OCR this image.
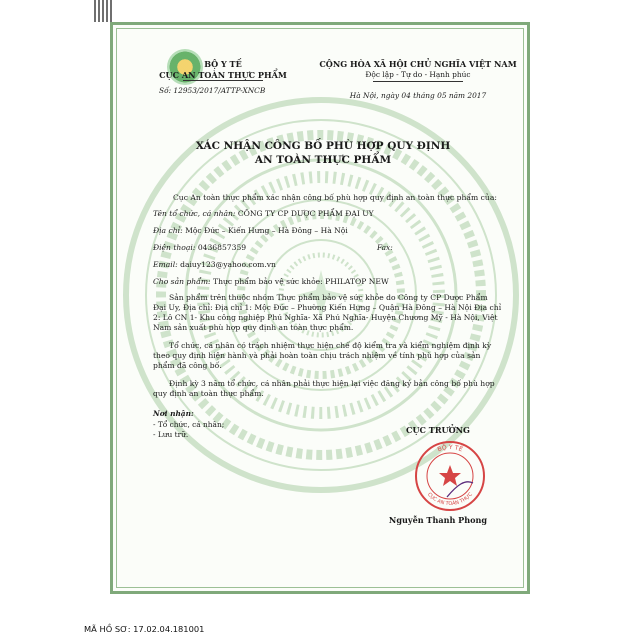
BỘ Y TẾ
CỤC AN TOÀN THỰC PHẨM
Số: 12953/2017/ATTP-XNCB
CỘNG HÒA XÃ HỘI CHỦ NGHĨA VIỆT NAM
Độc lập - Tự do - Hạnh phúc
Hà Nội, ngày 04 tháng 05 năm 2017
XÁC NHẬN CÔNG BỐ PHÙ HỢP QUY ĐỊNH
AN TOÀN THỰC PHẨM
Cục An toàn thực phẩm xác nhận công bố phù hợp quy định an toàn thực phẩm của:
Tên tổ chức, cá nhân: CÔNG TY CP DƯỢC PHẨM ĐẠI UY
Địa chỉ: Mộc Đức – Kiến Hưng – Hà Đông – Hà Nội
Điện thoại: 0436857359	Fax:
Email: daiuy123@yahoo.com.vn
Cho sản phẩm: Thực phẩm bảo vệ sức khỏe: PHILATOP NEW
Sản phẩm trên thuộc nhóm Thực phẩm bảo vệ sức khỏe do Công ty CP Dược Phẩm Đại Uy, Địa chỉ: Địa chỉ 1: Mộc Đức – Phường Kiến Hưng – Quận Hà Đông – Hà Nội Địa chỉ 2: Lô CN 1- Khu công nghiệp Phú Nghĩa- Xã Phú Nghĩa- Huyện Chương Mỹ - Hà Nội, Việt Nam sản xuất phù hợp quy định an toàn thực phẩm.
Tổ chức, cá nhân có trách nhiệm thực hiện chế độ kiểm tra và kiểm nghiệm định kỳ theo quy định hiện hành và phải hoàn toàn chịu trách nhiệm về tính phù hợp của sản phẩm đã công bố.
Định kỳ 3 năm tổ chức, cá nhân phải thực hiện lại việc đăng ký bản công bố phù hợp quy định an toàn thực phẩm.
Nơi nhận:
- Tổ chức, cá nhân;
- Lưu trữ.	CỤC TRƯỞNG
BỘ Y TẾ
CỤC AN TOÀN THỰC
Nguyễn Thanh Phong
MÃ HỒ SƠ: 17.02.04.181001
